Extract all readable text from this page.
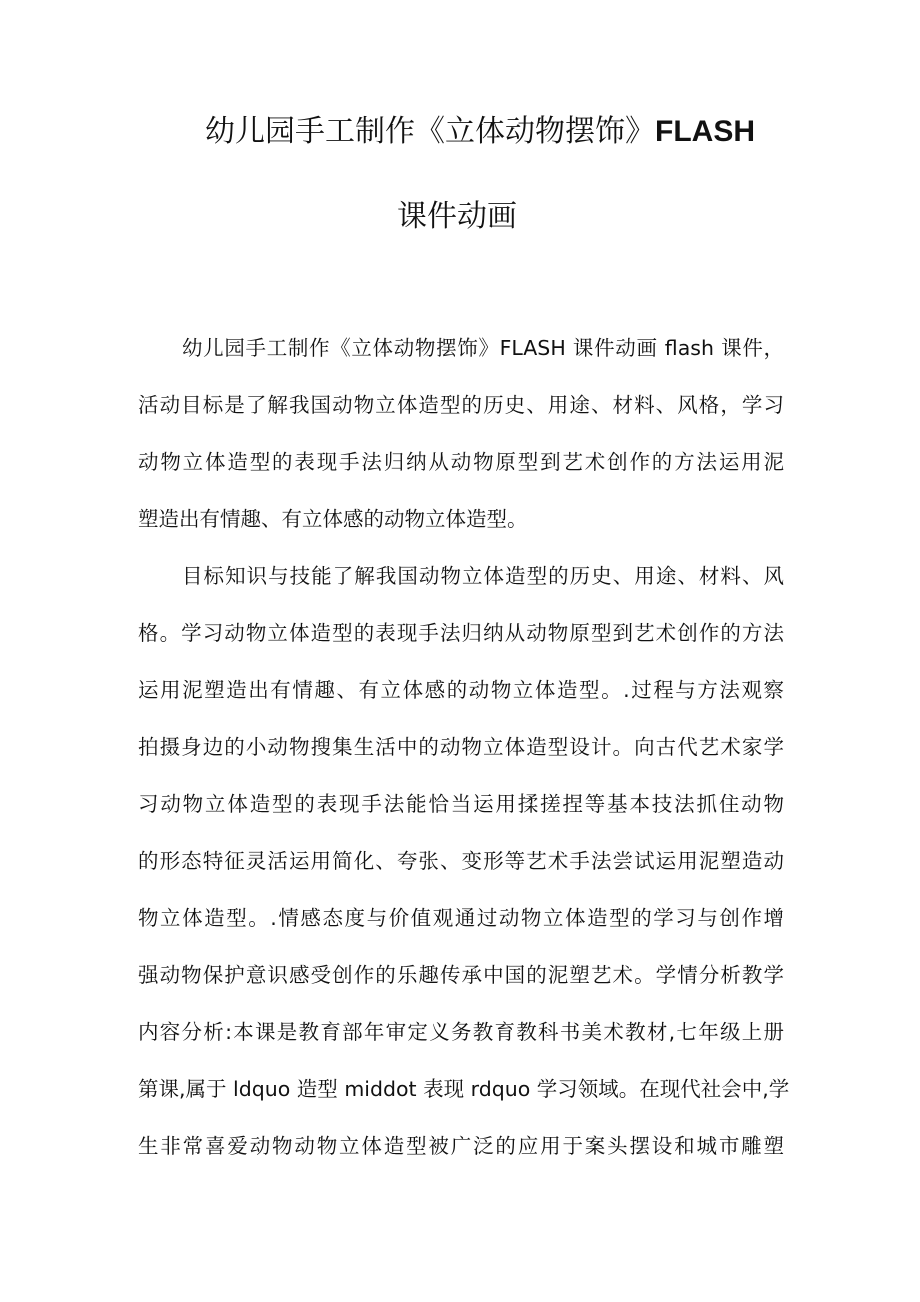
幼儿园手工制作《立体动物摆饰》FLASH
课件动画
幼儿园手工制作《立体动物摆饰》FLASH 课件动画 flash 课件，
活动目标是了解我国动物立体造型的历史、用途、材料、风格，学习
动物立体造型的表现手法归纳从动物原型到艺术创作的方法运用泥
塑造出有情趣、有立体感的动物立体造型。
目标知识与技能了解我国动物立体造型的历史、用途、材料、风
格。学习动物立体造型的表现手法归纳从动物原型到艺术创作的方法
运用泥塑造出有情趣、有立体感的动物立体造型。.过程与方法观察
拍摄身边的小动物搜集生活中的动物立体造型设计。向古代艺术家学
习动物立体造型的表现手法能恰当运用揉搓捏等基本技法抓住动物
的形态特征灵活运用简化、夸张、变形等艺术手法尝试运用泥塑造动
物立体造型。.情感态度与价值观通过动物立体造型的学习与创作增
强动物保护意识感受创作的乐趣传承中国的泥塑艺术。学情分析教学
内容分析:本课是教育部年审定义务教育教科书美术教材,七年级上册
第课,属于 ldquo 造型 middot 表现 rdquo 学习领域。在现代社会中,学
生非常喜爱动物动物立体造型被广泛的应用于案头摆设和城市雕塑
